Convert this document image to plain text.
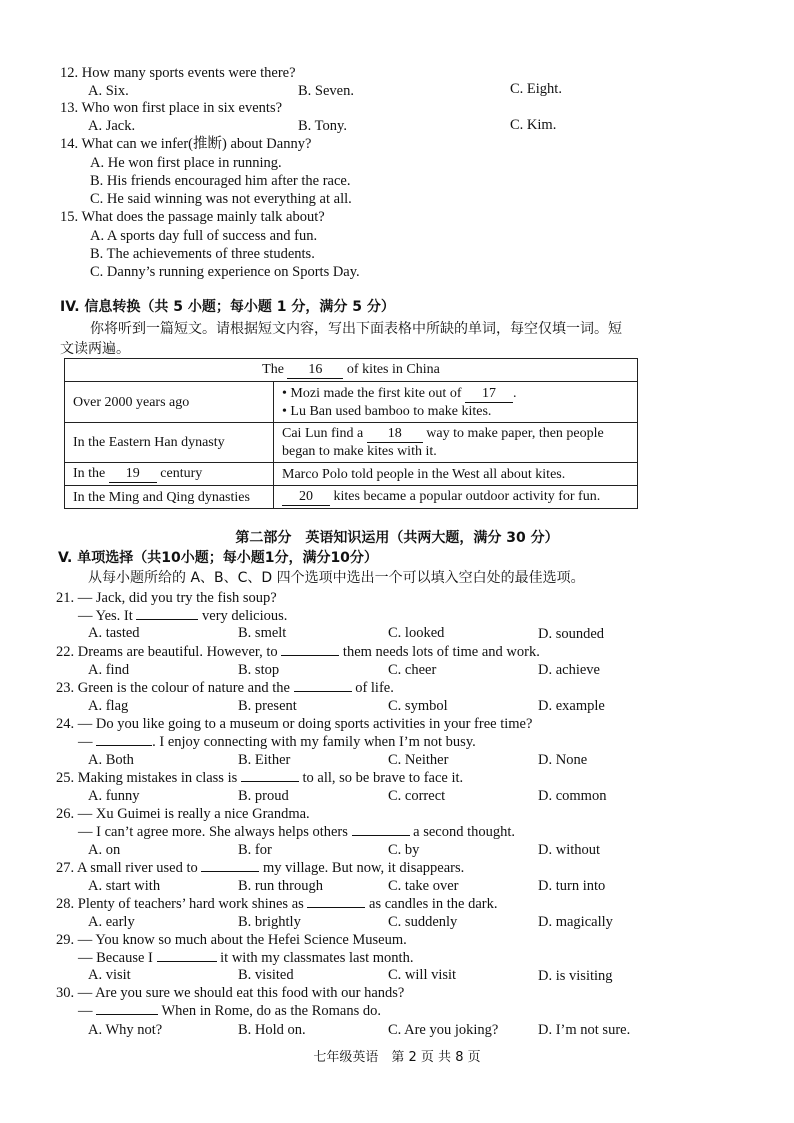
12. How many sports events were there?
A. Six.	B. Seven.	C. Eight.
13. Who won first place in six events?
A. Jack.	B. Tony.	C. Kim.
14. What can we infer(推断) about Danny?
A. He won first place in running.
B. His friends encouraged him after the race.
C. He said winning was not everything at all.
15. What does the passage mainly talk about?
A. A sports day full of success and fun.
B. The achievements of three students.
C. Danny’s running experience on Sports Day.
IV. 信息转换（共 5 小题；每小题 1 分，满分 5 分）
你将听到一篇短文。请根据短文内容，写出下面表格中所缺的单词，每空仅填一词。短
文读两遍。
The 16 of kites in China	
Over 2000 years ago	• Mozi made the first kite out of 17 .
• Lu Ban used bamboo to make kites.

In the Eastern Han dynasty	Cai Lun find a 18 way to make paper, then people
began to make kites with it.

In the 19 century	Marco Polo told people in the West all about kites.
In the Ming and Qing dynasties	20 kites became a popular outdoor activity for fun.
第二部分　英语知识运用（共两大题，满分 30 分）
V. 单项选择（共10小题；每小题1分，满分10分）
从每小题所给的 A、B、C、D 四个选项中选出一个可以填入空白处的最佳选项。
21. — Jack, did you try the fish soup?
— Yes. It	very delicious.
A. tasted	B. smelt	C. looked	D. sounded
22. Dreams are beautiful. However, to	them needs lots of time and work.
A. find	B. stop	C. cheer	D. achieve
23. Green is the colour of nature and the	of life.
A. flag	B. present	C. symbol	D. example
24. — Do you like going to a museum or doing sports activities in your free time?
—	. I enjoy connecting with my family when I’m not busy.
A. Both	B. Either	C. Neither	D. None
25. Making mistakes in class is	to all, so be brave to face it.
A. funny	B. proud	C. correct	D. common
26. — Xu Guimei is really a nice Grandma.
— I can’t agree more. She always helps others	a second thought.
A. on	B. for	C. by	D. without
27. A small river used to	my village. But now, it disappears.
A. start with	B. run through	C. take over	D. turn into
28. Plenty of teachers’ hard work shines as	as candles in the dark.
A. early	B. brightly	C. suddenly	D. magically
29. — You know so much about the Hefei Science Museum.
— Because I	it with my classmates last month.
A. visit	B. visited	C. will visit	D. is visiting
30. — Are you sure we should eat this food with our hands?
—	When in Rome, do as the Romans do.
A. Why not?	B. Hold on.	C. Are you joking?	D. I’m not sure.
七年级英语　第 2 页 共 8 页
